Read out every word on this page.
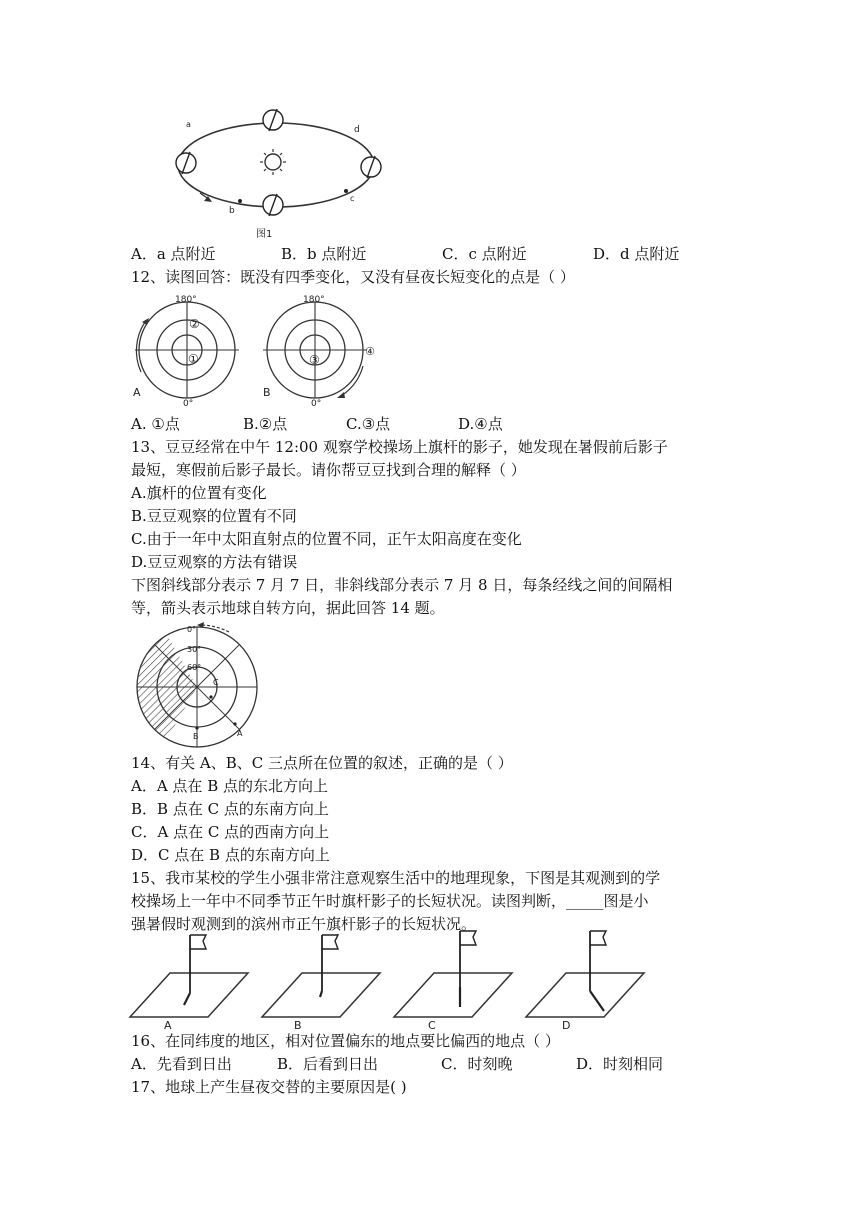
a
b
c
d
图1
A．a 点附近	B．b 点附近	C．c 点附近	D．d 点附近
12、读图回答：既没有四季变化，又没有昼夜长短变化的点是（ ）
180°
0°
A
②
①
180°
0°
B
③
④
A. ①点	B.②点	C.③点	D.④点
13、豆豆经常在中午 12:00 观察学校操场上旗杆的影子，她发现在暑假前后影子
最短，寒假前后影子最长。请你帮豆豆找到合理的解释（ ）
A.旗杆的位置有变化
B.豆豆观察的位置有不同
C.由于一年中太阳直射点的位置不同，正午太阳高度在变化
D.豆豆观察的方法有错误
下图斜线部分表示 7 月 7 日，非斜线部分表示 7 月 8 日，每条经线之间的间隔相
等，箭头表示地球自转方向，据此回答 14 题。
0°
30°
60°
C
B	A
14、有关 A、B、C 三点所在位置的叙述，正确的是（ ）
A．A 点在 B 点的东北方向上
B．B 点在 C 点的东南方向上
C．A 点在 C 点的西南方向上
D．C 点在 B 点的东南方向上
15、我市某校的学生小强非常注意观察生活中的地理现象，下图是其观测到的学
校操场上一年中不同季节正午时旗杆影子的长短状况。读图判断，_____图是小
强暑假时观测到的滨州市正午旗杆影子的长短状况。
A	B	C	D
16、在同纬度的地区，相对位置偏东的地点要比偏西的地点（ ）
A．先看到日出	B．后看到日出	C．时刻晚	D．时刻相同
17、地球上产生昼夜交替的主要原因是( )
